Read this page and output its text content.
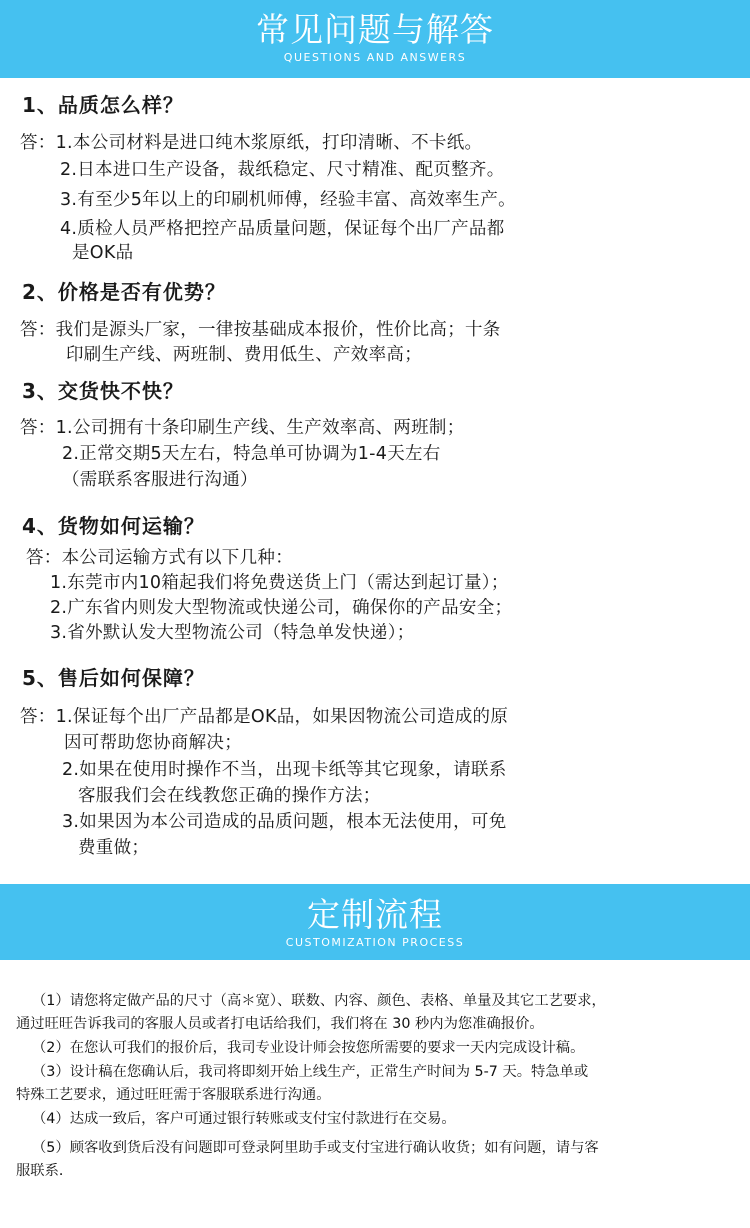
常见问题与解答
QUESTIONS AND ANSWERS
1、品质怎么样？
答：1.本公司材料是进口纯木浆原纸，打印清晰、不卡纸。
2.日本进口生产设备，裁纸稳定、尺寸精准、配页整齐。
3.有至少5年以上的印刷机师傅，经验丰富、高效率生产。
4.质检人员严格把控产品质量问题，保证每个出厂产品都
是OK品
2、价格是否有优势？
答：我们是源头厂家，一律按基础成本报价，性价比高；十条
印刷生产线、两班制、费用低生、产效率高；
3、交货快不快？
答：1.公司拥有十条印刷生产线、生产效率高、两班制；
2.正常交期5天左右，特急单可协调为1-4天左右
（需联系客服进行沟通）
4、货物如何运输？
答：本公司运输方式有以下几种：
1.东莞市内10箱起我们将免费送货上门（需达到起订量）；
2.广东省内则发大型物流或快递公司，确保你的产品安全；
3.省外默认发大型物流公司（特急单发快递）；
5、售后如何保障？
答：1.保证每个出厂产品都是OK品，如果因物流公司造成的原
因可帮助您协商解决；
2.如果在使用时操作不当，出现卡纸等其它现象，请联系
客服我们会在线教您正确的操作方法；
3.如果因为本公司造成的品质问题，根本无法使用，可免
费重做；
定制流程
CUSTOMIZATION PROCESS
（1）请您将定做产品的尺寸（高＊宽）、联数、内容、颜色、表格、单量及其它工艺要求，
通过旺旺告诉我司的客服人员或者打电话给我们，我们将在 30 秒内为您准确报价。
（2）在您认可我们的报价后，我司专业设计师会按您所需要的要求一天内完成设计稿。
（3）设计稿在您确认后，我司将即刻开始上线生产，正常生产时间为 5-7 天。特急单或
特殊工艺要求，通过旺旺需于客服联系进行沟通。
（4）达成一致后，客户可通过银行转账或支付宝付款进行在交易。
（5）顾客收到货后没有问题即可登录阿里助手或支付宝进行确认收货；如有问题，请与客
服联系．
